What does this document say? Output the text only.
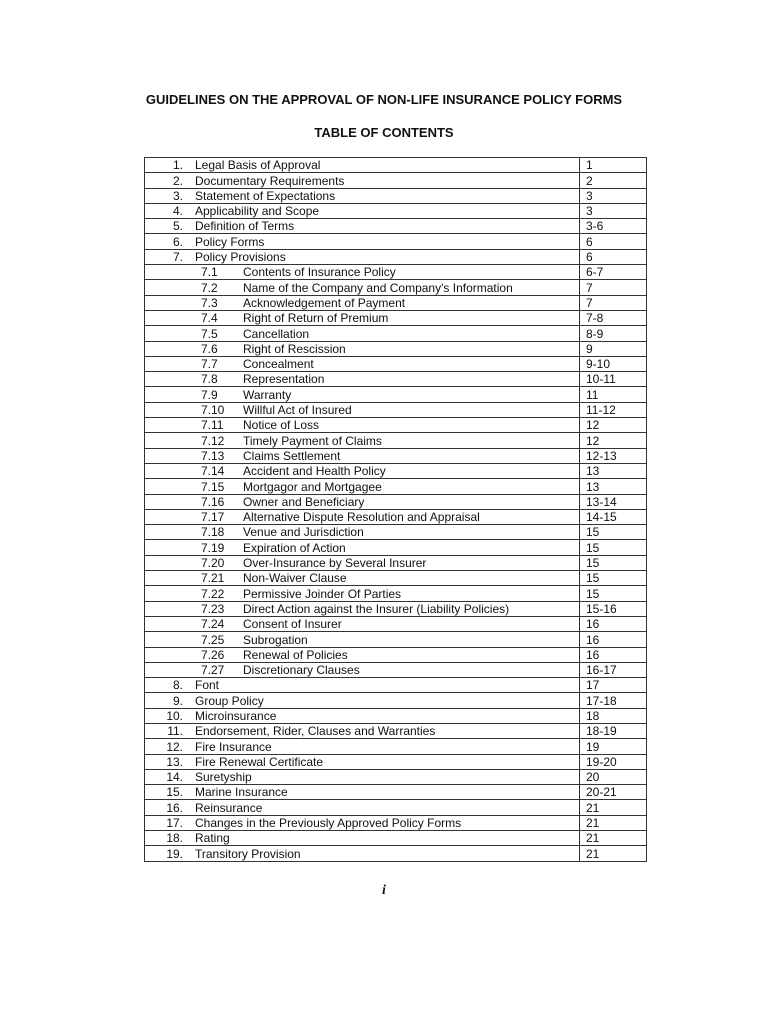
GUIDELINES ON THE APPROVAL OF NON-LIFE INSURANCE POLICY FORMS
TABLE OF CONTENTS
1. Legal Basis of Approval	1
2. Documentary Requirements	2
3. Statement of Expectations	3
4. Applicability and Scope	3
5. Definition of Terms	3-6
6. Policy Forms	6
7. Policy Provisions	6
7.1 Contents of Insurance Policy	6-7
7.2 Name of the Company and Company's Information	7
7.3 Acknowledgement of Payment	7
7.4 Right of Return of Premium	7-8
7.5 Cancellation	8-9
7.6 Right of Rescission	9
7.7 Concealment	9-10
7.8 Representation	10-11
7.9 Warranty	11
7.10 Willful Act of Insured	11-12
7.11 Notice of Loss	12
7.12 Timely Payment of Claims	12
7.13 Claims Settlement	12-13
7.14 Accident and Health Policy	13
7.15 Mortgagor and Mortgagee	13
7.16 Owner and Beneficiary	13-14
7.17 Alternative Dispute Resolution and Appraisal	14-15
7.18 Venue and Jurisdiction	15
7.19 Expiration of Action	15
7.20 Over-Insurance by Several Insurer	15
7.21 Non-Waiver Clause	15
7.22 Permissive Joinder Of Parties	15
7.23 Direct Action against the Insurer (Liability Policies)	15-16
7.24 Consent of Insurer	16
7.25 Subrogation	16
7.26 Renewal of Policies	16
7.27 Discretionary Clauses	16-17
8. Font	17
9. Group Policy	17-18
10. Microinsurance	18
11. Endorsement, Rider, Clauses and Warranties	18-19
12. Fire Insurance	19
13. Fire Renewal Certificate	19-20
14. Suretyship	20
15. Marine Insurance	20-21
16. Reinsurance	21
17. Changes in the Previously Approved Policy Forms	21
18. Rating	21
19. Transitory Provision	21
i
